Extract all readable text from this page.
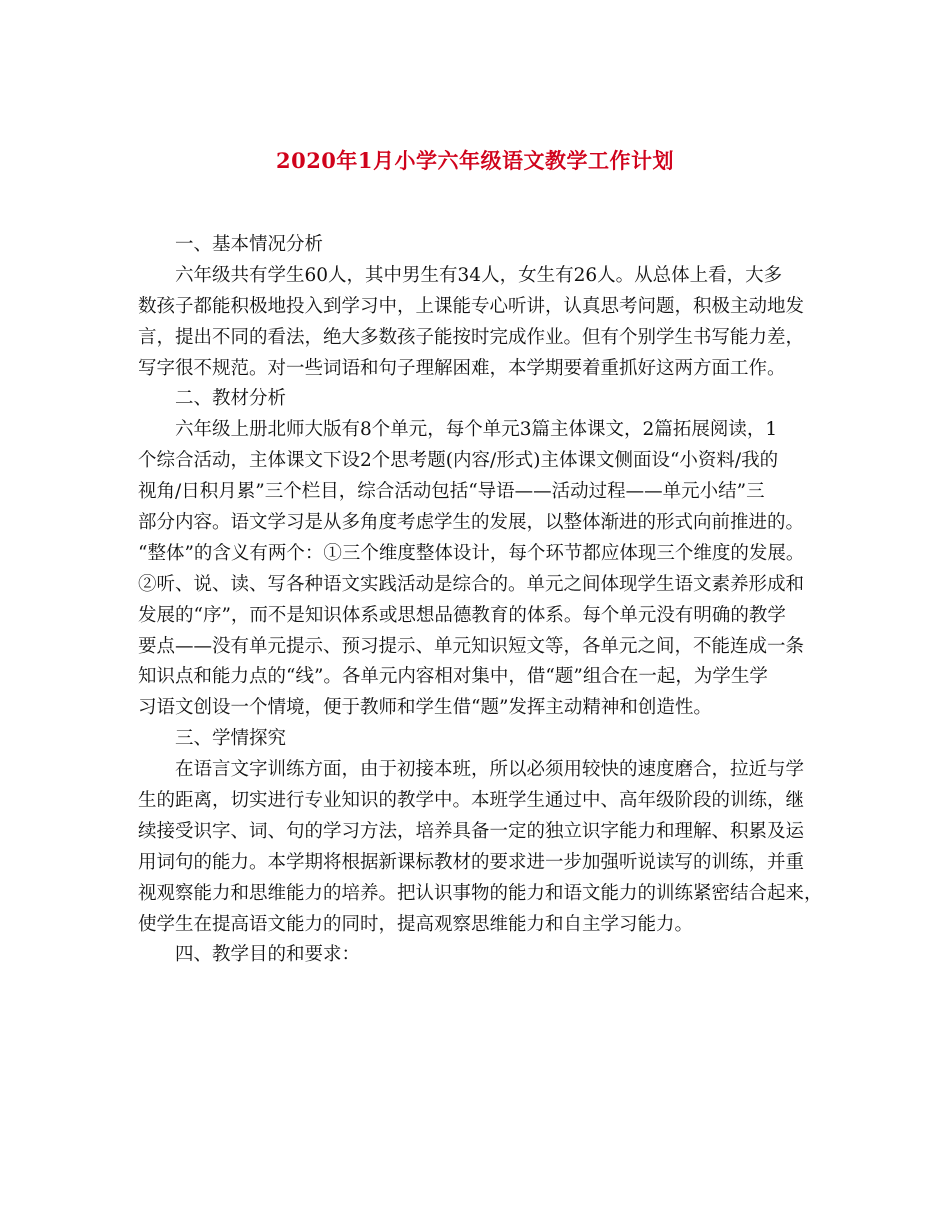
2020年1月小学六年级语文教学工作计划
一、基本情况分析
六年级共有学生60人，其中男生有34人，女生有26人。从总体上看，大多
数孩子都能积极地投入到学习中，上课能专心听讲，认真思考问题，积极主动地发
言，提出不同的看法，绝大多数孩子能按时完成作业。但有个别学生书写能力差，
写字很不规范。对一些词语和句子理解困难，本学期要着重抓好这两方面工作。
二、教材分析
六年级上册北师大版有8个单元，每个单元3篇主体课文，2篇拓展阅读，1
个综合活动，主体课文下设2个思考题(内容/形式)主体课文侧面设“小资料/我的
视角/日积月累”三个栏目，综合活动包括“导语——活动过程——单元小结”三
部分内容。语文学习是从多角度考虑学生的发展，以整体渐进的形式向前推进的。
“整体”的含义有两个：①三个维度整体设计，每个环节都应体现三个维度的发展。
②听、说、读、写各种语文实践活动是综合的。单元之间体现学生语文素养形成和
发展的“序”，而不是知识体系或思想品德教育的体系。每个单元没有明确的教学
要点——没有单元提示、预习提示、单元知识短文等，各单元之间，不能连成一条
知识点和能力点的“线”。各单元内容相对集中，借“题”组合在一起，为学生学
习语文创设一个情境，便于教师和学生借“题”发挥主动精神和创造性。
三、学情探究
在语言文字训练方面，由于初接本班，所以必须用较快的速度磨合，拉近与学
生的距离，切实进行专业知识的教学中。本班学生通过中、高年级阶段的训练，继
续接受识字、词、句的学习方法，培养具备一定的独立识字能力和理解、积累及运
用词句的能力。本学期将根据新课标教材的要求进一步加强听说读写的训练，并重
视观察能力和思维能力的培养。把认识事物的能力和语文能力的训练紧密结合起来，
使学生在提高语文能力的同时，提高观察思维能力和自主学习能力。
四、教学目的和要求：
